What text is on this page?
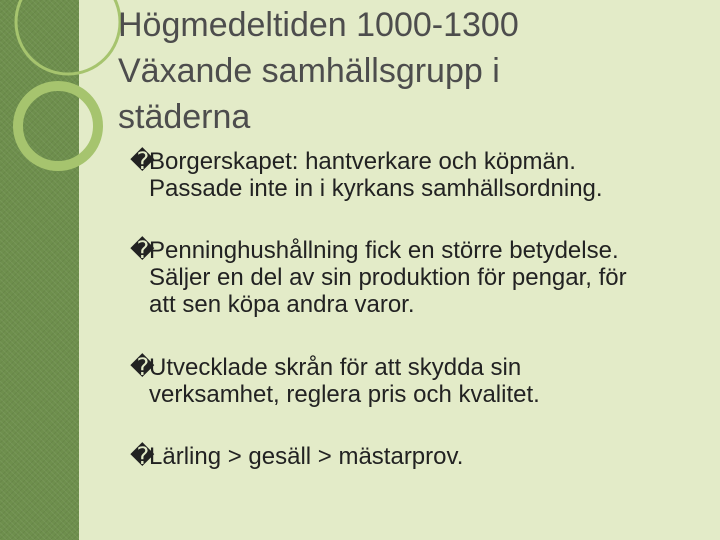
Högmedeltiden 1000-1300
Växande samhällsgrupp i
städerna
�Borgerskapet: hantverkare och köpmän.
Passade inte in i kyrkans samhällsordning.
�Penninghushållning fick en större betydelse.
Säljer en del av sin produktion för pengar, för
att sen köpa andra varor.
�Utvecklade skrån för att skydda sin
verksamhet, reglera pris och kvalitet.
�Lärling > gesäll > mästarprov.
